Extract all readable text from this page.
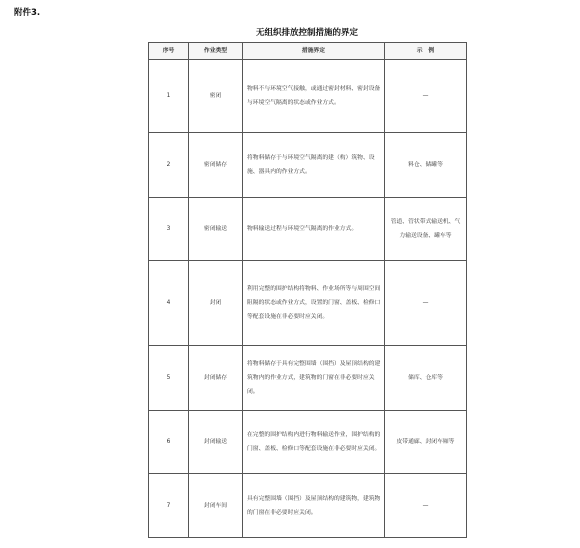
附件3.
无组织排放控制措施的界定
序号	作业类型	措施界定	示　例
1	密闭	物料不与环境空气接触，或通过密封材料、密封设备与环境空气隔离的状态或作业方式。	—
2	密闭储存	将物料储存于与环境空气隔离的建（构）筑物、设施、器具内的作业方式。	料仓、储罐等
3	密闭输送	物料输送过程与环境空气隔离的作业方式。	管道、管状带式输送机、气力输送设备、罐车等
4	封闭	利用完整的围护结构将物料、作业场所等与周围空间阻隔的状态或作业方式，设置的门窗、盖板、检修口等配套设施在非必要时应关闭。	—
5	封闭储存	将物料储存于具有完整围墙（围挡）及屋顶结构的建筑物内的作业方式，建筑物的门窗在非必要时应关闭。	储库、仓库等
6	封闭输送	在完整的围护结构内进行物料输送作业，围护结构的门窗、盖板、检修口等配套设施在非必要时应关闭。	皮带通廊、封闭车厢等
7	封闭车间	具有完整围墙（围挡）及屋顶结构的建筑物，建筑物的门窗在非必要时应关闭。	—
